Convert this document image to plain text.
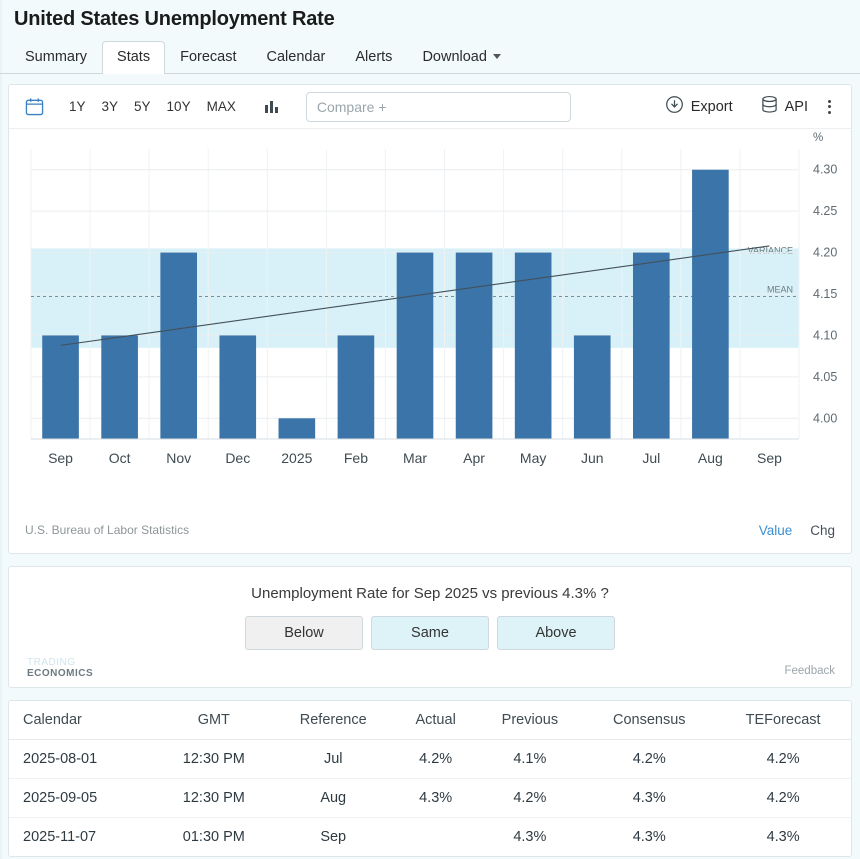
United States Unemployment Rate
Summary	Stats	Forecast	Calendar	Alerts	Download
1Y	3Y	5Y	10Y	MAX	Compare +	Export	API
VARIANCE
4.00
4.05
4.10
4.15
4.20
4.25
4.30
%
MEAN
Sep	Oct	Nov Dec 2025 Feb Mar	Apr May Jun	Jul	Aug Sep
U.S. Bureau of Labor Statistics	Value Chg
Unemployment Rate for Sep 2025 vs previous 4.3% ?
Below	Same	Above
TRADING
ECONOMICS	Feedback
Calendar	GMT	Reference	Actual	Previous	Consensus	TEForecast
2025-08-01	12:30 PM	Jul	4.2%	4.1%	4.2%	4.2%
2025-09-05	12:30 PM	Aug	4.3%	4.2%	4.3%	4.2%
2025-11-07	01:30 PM	Sep		4.3%	4.3%	4.3%
